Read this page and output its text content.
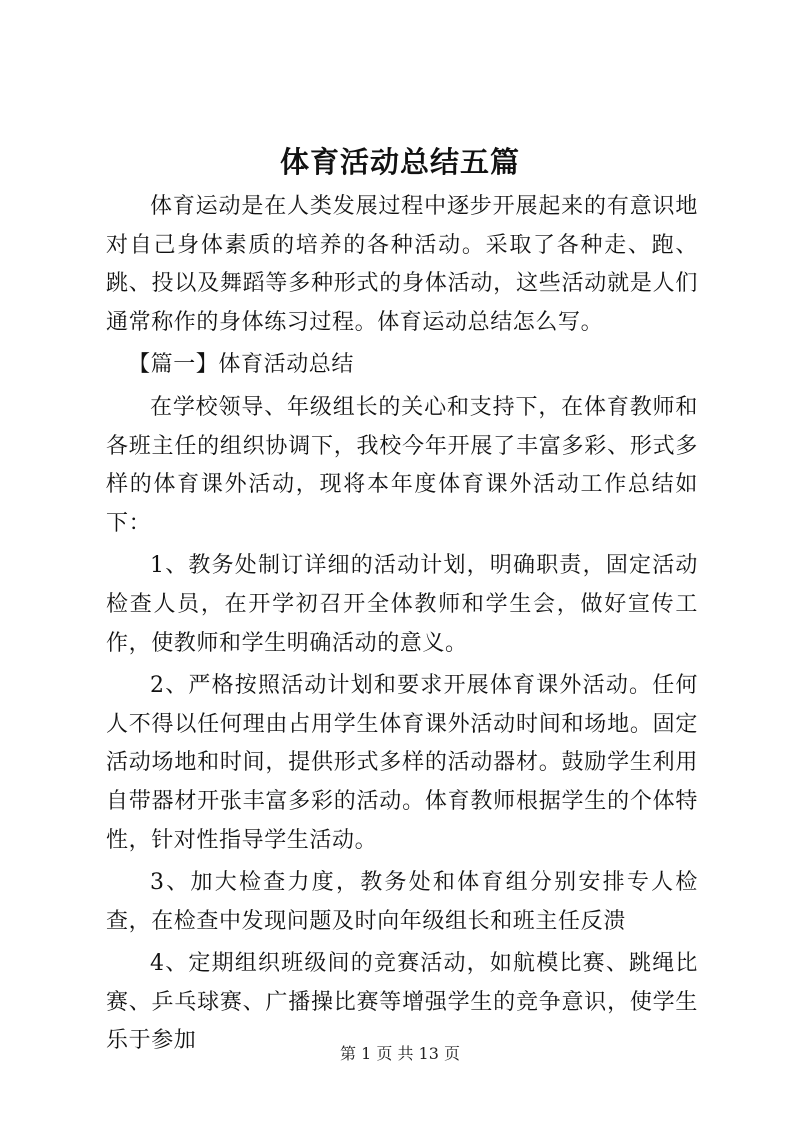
体育活动总结五篇

体育运动是在人类发展过程中逐步开展起来的有意识地对自己身体素质的培养的各种活动。采取了各种走、跑、跳、投以及舞蹈等多种形式的身体活动，这些活动就是人们通常称作的身体练习过程。体育运动总结怎么写。

【篇一】体育活动总结

在学校领导、年级组长的关心和支持下，在体育教师和各班主任的组织协调下，我校今年开展了丰富多彩、形式多样的体育课外活动，现将本年度体育课外活动工作总结如下：

1、教务处制订详细的活动计划，明确职责，固定活动检查人员，在开学初召开全体教师和学生会，做好宣传工作，使教师和学生明确活动的意义。

2、严格按照活动计划和要求开展体育课外活动。任何人不得以任何理由占用学生体育课外活动时间和场地。固定活动场地和时间，提供形式多样的活动器材。鼓励学生利用自带器材开张丰富多彩的活动。体育教师根据学生的个体特性，针对性指导学生活动。

3、加大检查力度，教务处和体育组分别安排专人检查，在检查中发现问题及时向年级组长和班主任反溃

4、定期组织班级间的竞赛活动，如航模比赛、跳绳比赛、乒乓球赛、广播操比赛等增强学生的竞争意识，使学生乐于参加

第 1 页 共 13 页
